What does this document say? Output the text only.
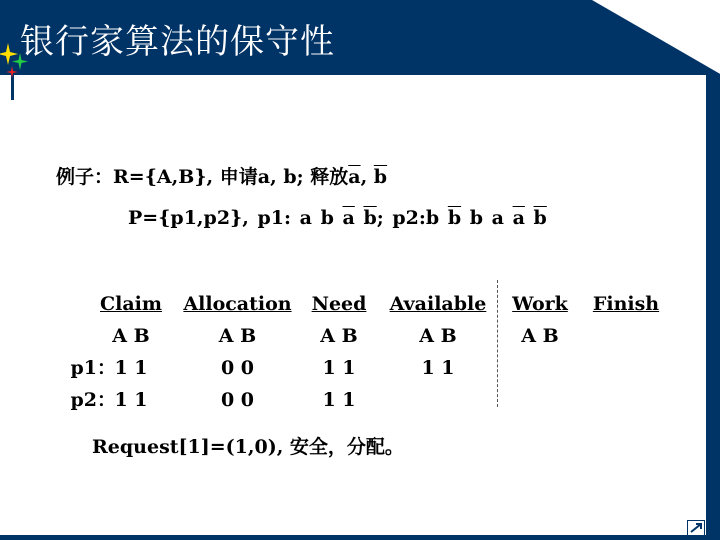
银行家算法的保守性
例子：R={A,B}, 申请a, b; 释放$\overline{a}$, $\overline{b}$
P={p1,p2}, p1: a b $\overline{a}$ $\overline{b}$; p2:b $\overline{b}$ b a $\overline{a}$ $\overline{b}$
p1：
p2：
Claim
A B
1 1
1 1
Allocation
A B
0 0
0 0
Need
A B
1 1
1 1
Available
A B
1 1
Work
A B
Finish
Request[1]=(1,0), 安全，分配。
